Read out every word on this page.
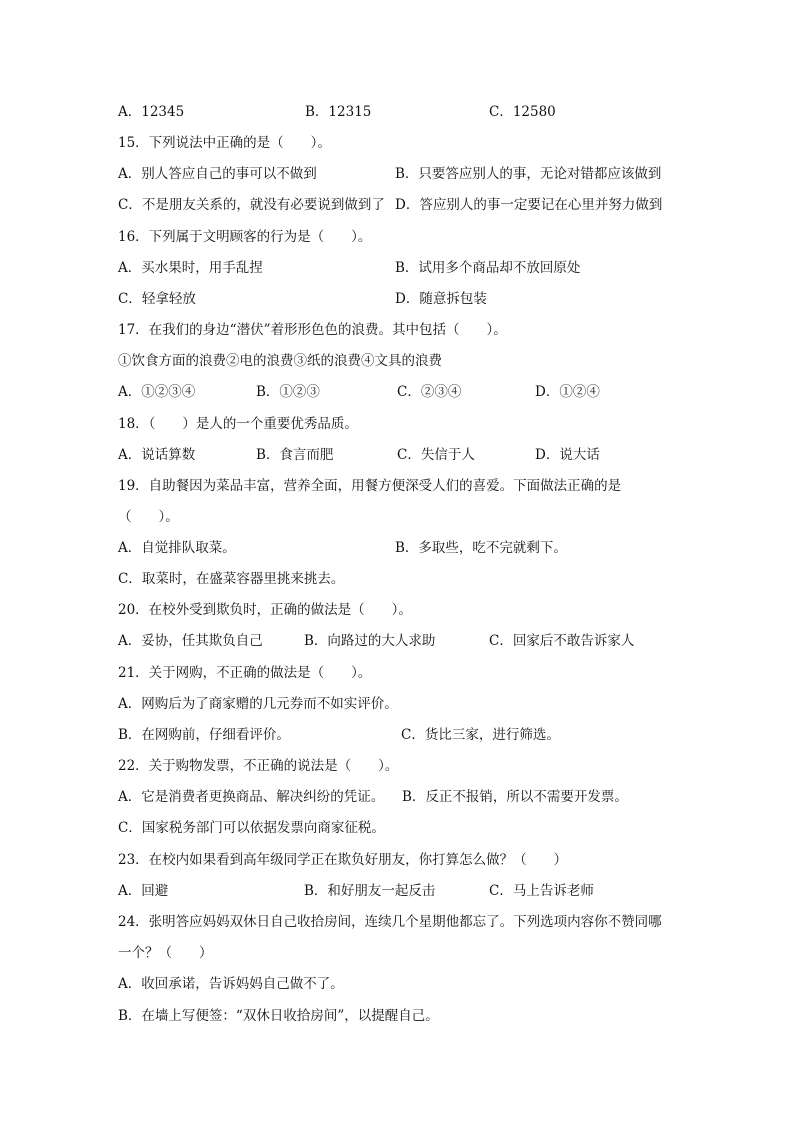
A．12345	B．12315	C．12580
15．下列说法中正确的是（　　）。
A．别人答应自己的事可以不做到	B．只要答应别人的事，无论对错都应该做到
C．不是朋友关系的，就没有必要说到做到了 D．答应别人的事一定要记在心里并努力做到
16．下列属于文明顾客的行为是（　　）。
A．买水果时，用手乱捏	B．试用多个商品却不放回原处
C．轻拿轻放	D．随意拆包装
17．在我们的身边“潜伏”着形形色色的浪费。其中包括（　　）。
①饮食方面的浪费②电的浪费③纸的浪费④文具的浪费
A．①②③④	B．①②③	C．②③④	D．①②④
18．（　　）是人的一个重要优秀品质。
A．说话算数	B．食言而肥	C．失信于人	D．说大话
19．自助餐因为菜品丰富，营养全面，用餐方便深受人们的喜爱。下面做法正确的是
（　　）。
A．自觉排队取菜。	B．多取些，吃不完就剩下。
C．取菜时，在盛菜容器里挑来挑去。
20．在校外受到欺负时，正确的做法是（　　）。
A．妥协，任其欺负自己	B．向路过的大人求助	C．回家后不敢告诉家人
21．关于网购，不正确的做法是（　　）。
A．网购后为了商家赠的几元券而不如实评价。
B．在网购前，仔细看评价。	C．货比三家，进行筛选。
22．关于购物发票，不正确的说法是（　　）。
A．它是消费者更换商品、解决纠纷的凭证。 B．反正不报销，所以不需要开发票。
C．国家税务部门可以依据发票向商家征税。
23．在校内如果看到高年级同学正在欺负好朋友，你打算怎么做？（　　）
A．回避	B．和好朋友一起反击	C．马上告诉老师
24．张明答应妈妈双休日自己收拾房间，连续几个星期他都忘了。下列选项内容你不赞同哪
一个？（　　）
A．收回承诺，告诉妈妈自己做不了。
B．在墙上写便签：“双休日收拾房间”，以提醒自己。
